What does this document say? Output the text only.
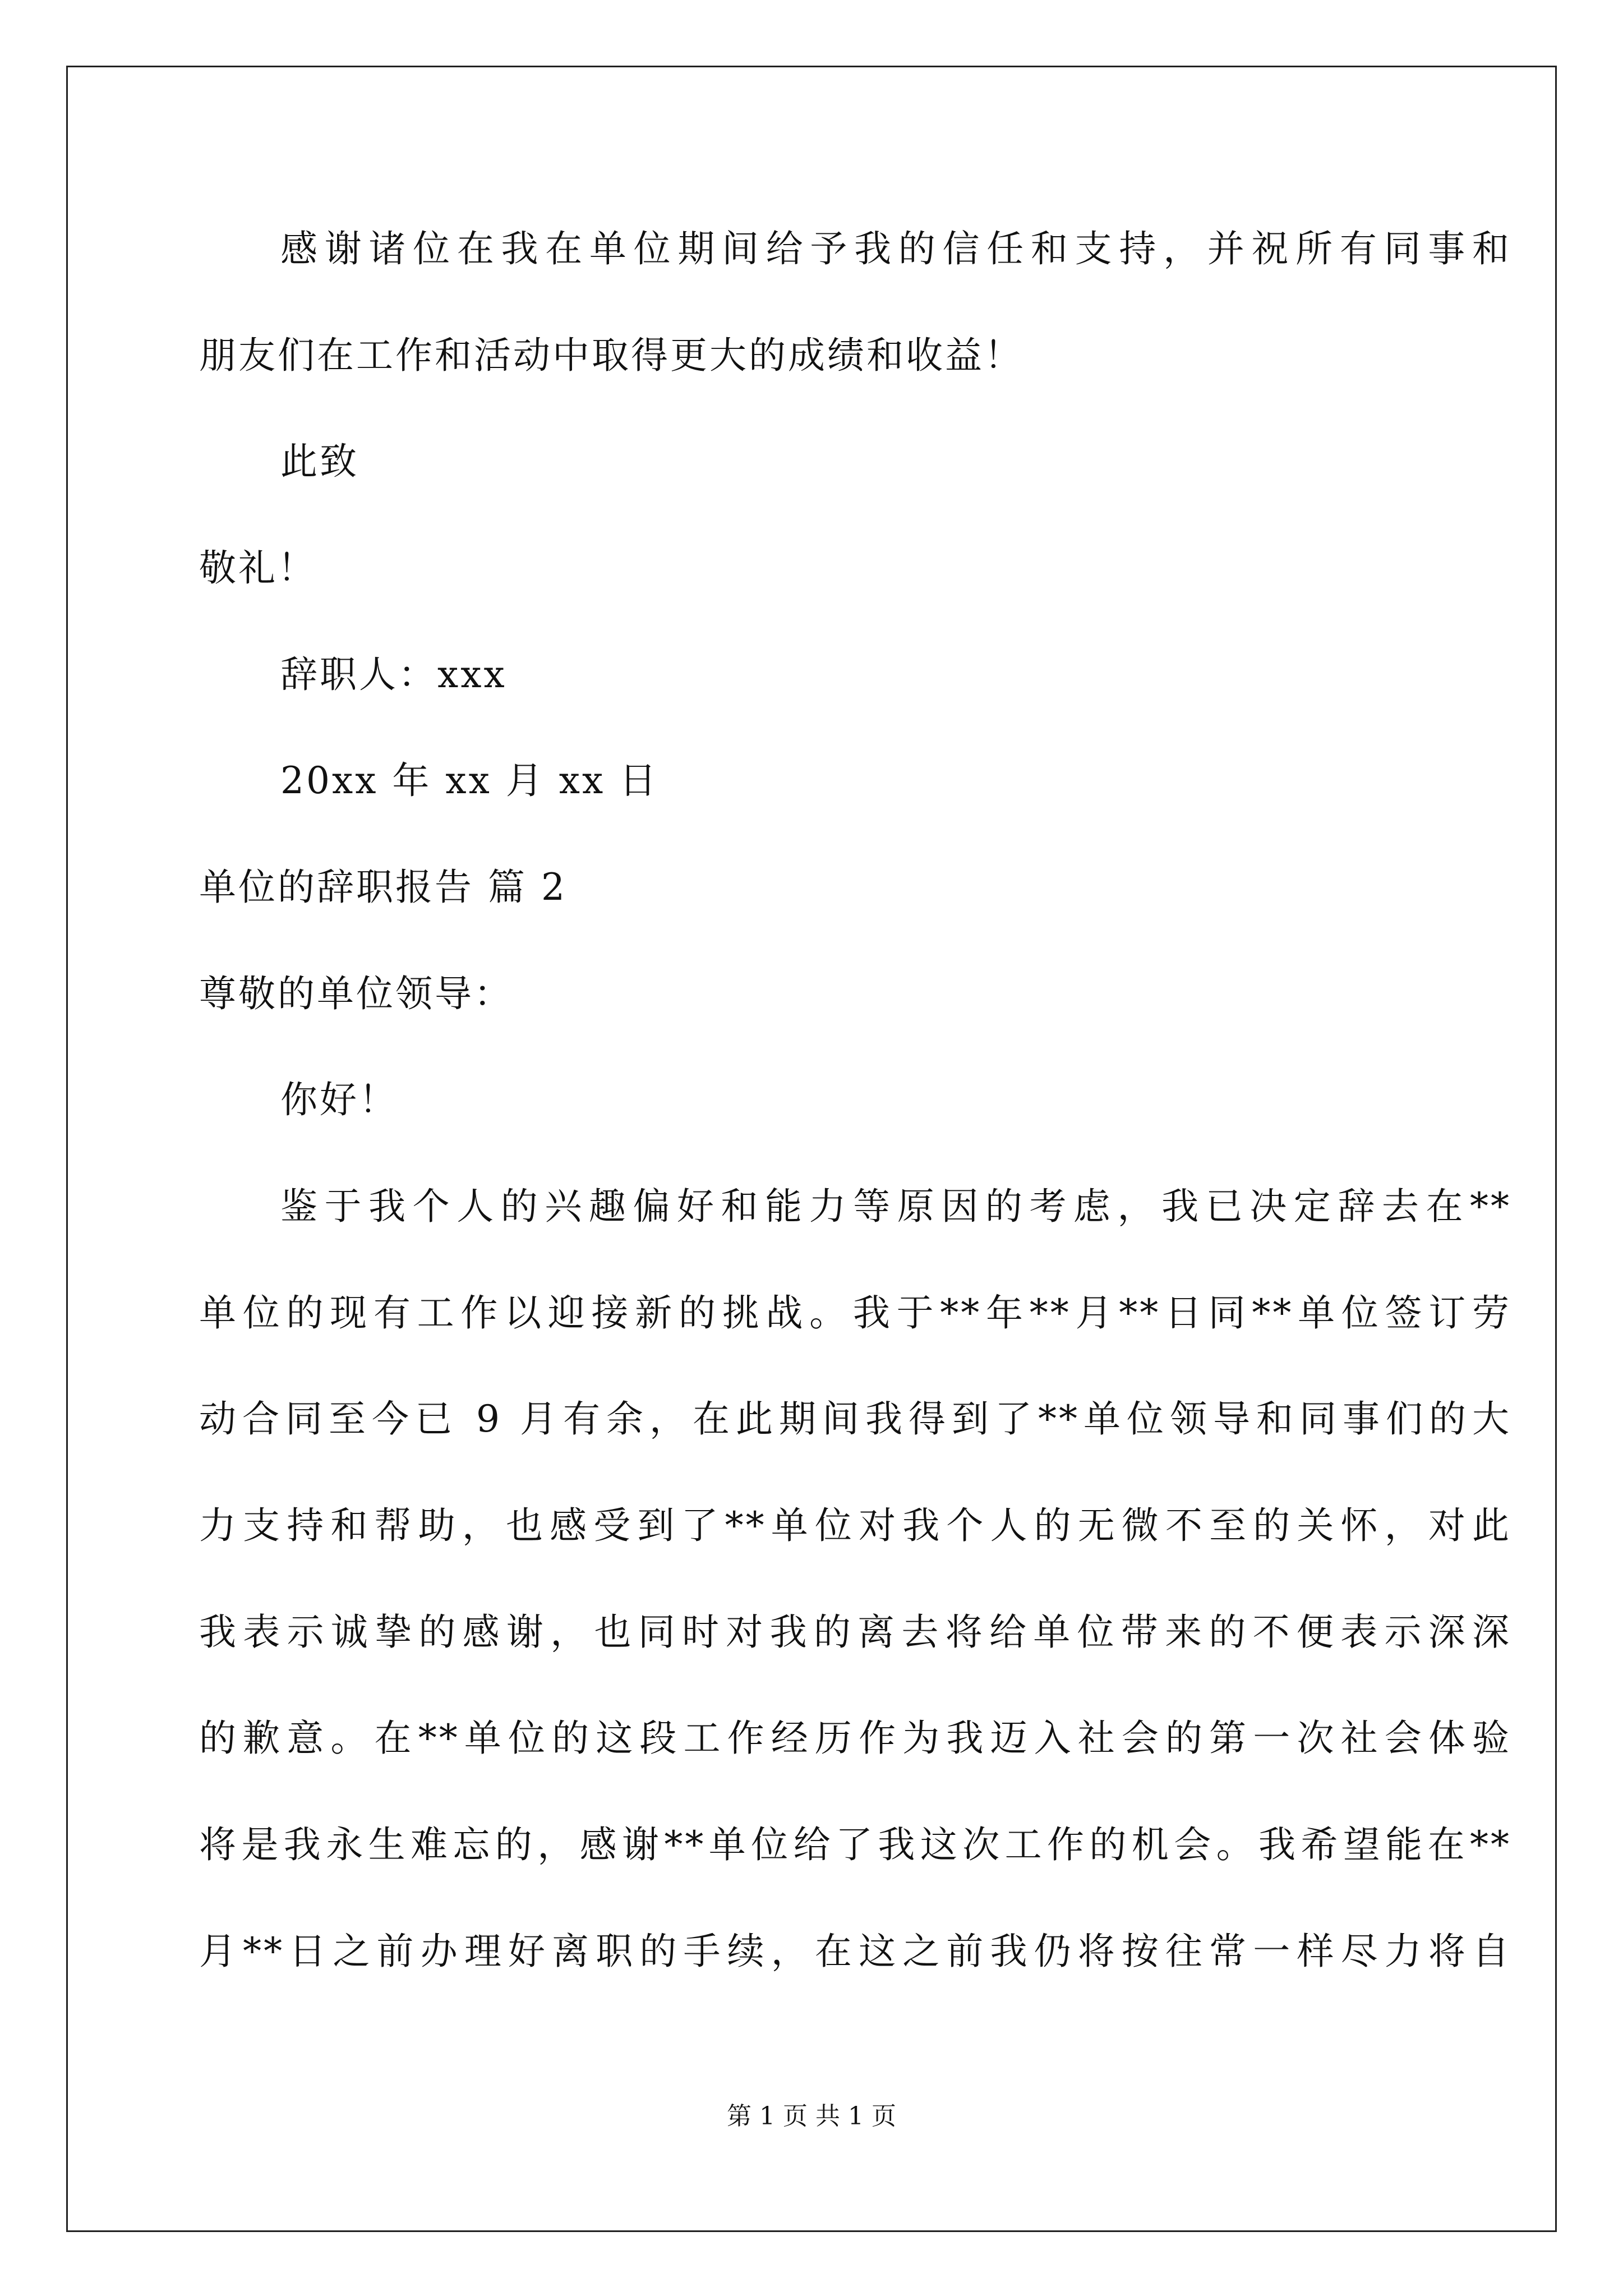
感谢诸位在我在单位期间给予我的信任和支持，并祝所有同事和
朋友们在工作和活动中取得更大的成绩和收益！
此致
敬礼！
辞职人：xxx
20xx 年 xx 月 xx 日
单位的辞职报告 篇 2
尊敬的单位领导：
你好！
鉴于我个人的兴趣偏好和能力等原因的考虑，我已决定辞去在**
单位的现有工作以迎接新的挑战。我于**年**月**日同**单位签订劳
动合同至今已 9 月有余，在此期间我得到了**单位领导和同事们的大
力支持和帮助，也感受到了**单位对我个人的无微不至的关怀，对此
我表示诚挚的感谢，也同时对我的离去将给单位带来的不便表示深深
的歉意。在**单位的这段工作经历作为我迈入社会的第一次社会体验
将是我永生难忘的，感谢**单位给了我这次工作的机会。我希望能在**
月**日之前办理好离职的手续，在这之前我仍将按往常一样尽力将自
第 1 页 共 1 页
